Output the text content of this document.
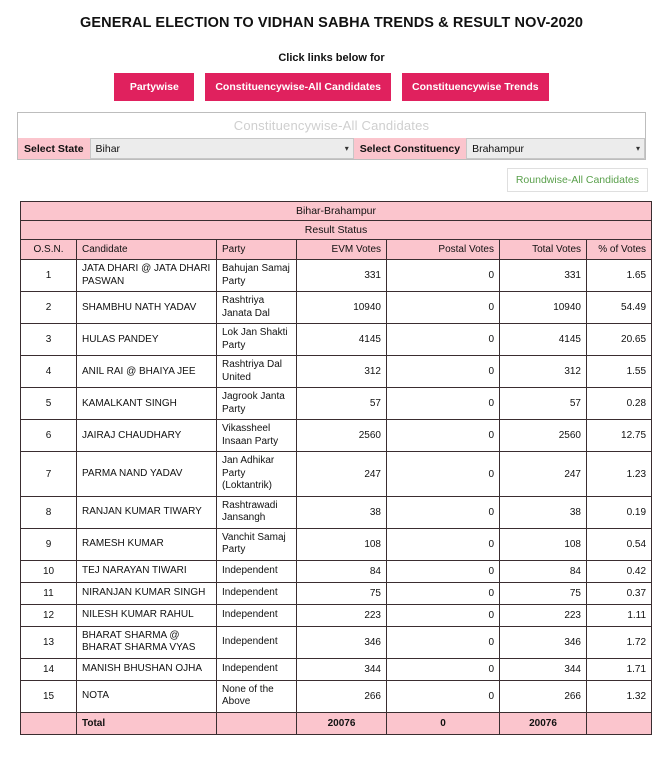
GENERAL ELECTION TO VIDHAN SABHA TRENDS & RESULT NOV-2020
Click links below for
Partywise	Constituencywise-All Candidates	Constituencywise Trends
Constituencywise-All Candidates
Select State	Bihar	▾	Select Constituency	Brahampur	▾
Roundwise-All Candidates
Bihar-Brahampur						
Result Status						
O.S.N.	Candidate	Party	EVM Votes	Postal Votes	Total Votes	% of Votes
1	JATA DHARI @ JATA DHARI PASWAN	Bahujan Samaj Party	331	0	331	1.65
2	SHAMBHU NATH YADAV	Rashtriya Janata Dal	10940	0	10940	54.49
3	HULAS PANDEY	Lok Jan Shakti Party	4145	0	4145	20.65
4	ANIL RAI @ BHAIYA JEE	Rashtriya Dal United	312	0	312	1.55
5	KAMALKANT SINGH	Jagrook Janta Party	57	0	57	0.28
6	JAIRAJ CHAUDHARY	Vikassheel Insaan Party	2560	0	2560	12.75
7	PARMA NAND YADAV	Jan Adhikar Party (Loktantrik)	247	0	247	1.23
8	RANJAN KUMAR TIWARY	Rashtrawadi Jansangh	38	0	38	0.19
9	RAMESH KUMAR	Vanchit Samaj Party	108	0	108	0.54
10	TEJ NARAYAN TIWARI	Independent	84	0	84	0.42
11	NIRANJAN KUMAR SINGH	Independent	75	0	75	0.37
12	NILESH KUMAR RAHUL	Independent	223	0	223	1.11
13	BHARAT SHARMA @ BHARAT SHARMA VYAS	Independent	346	0	346	1.72
14	MANISH BHUSHAN OJHA	Independent	344	0	344	1.71
15	NOTA	None of the Above	266	0	266	1.32
	Total		20076	0	20076	
